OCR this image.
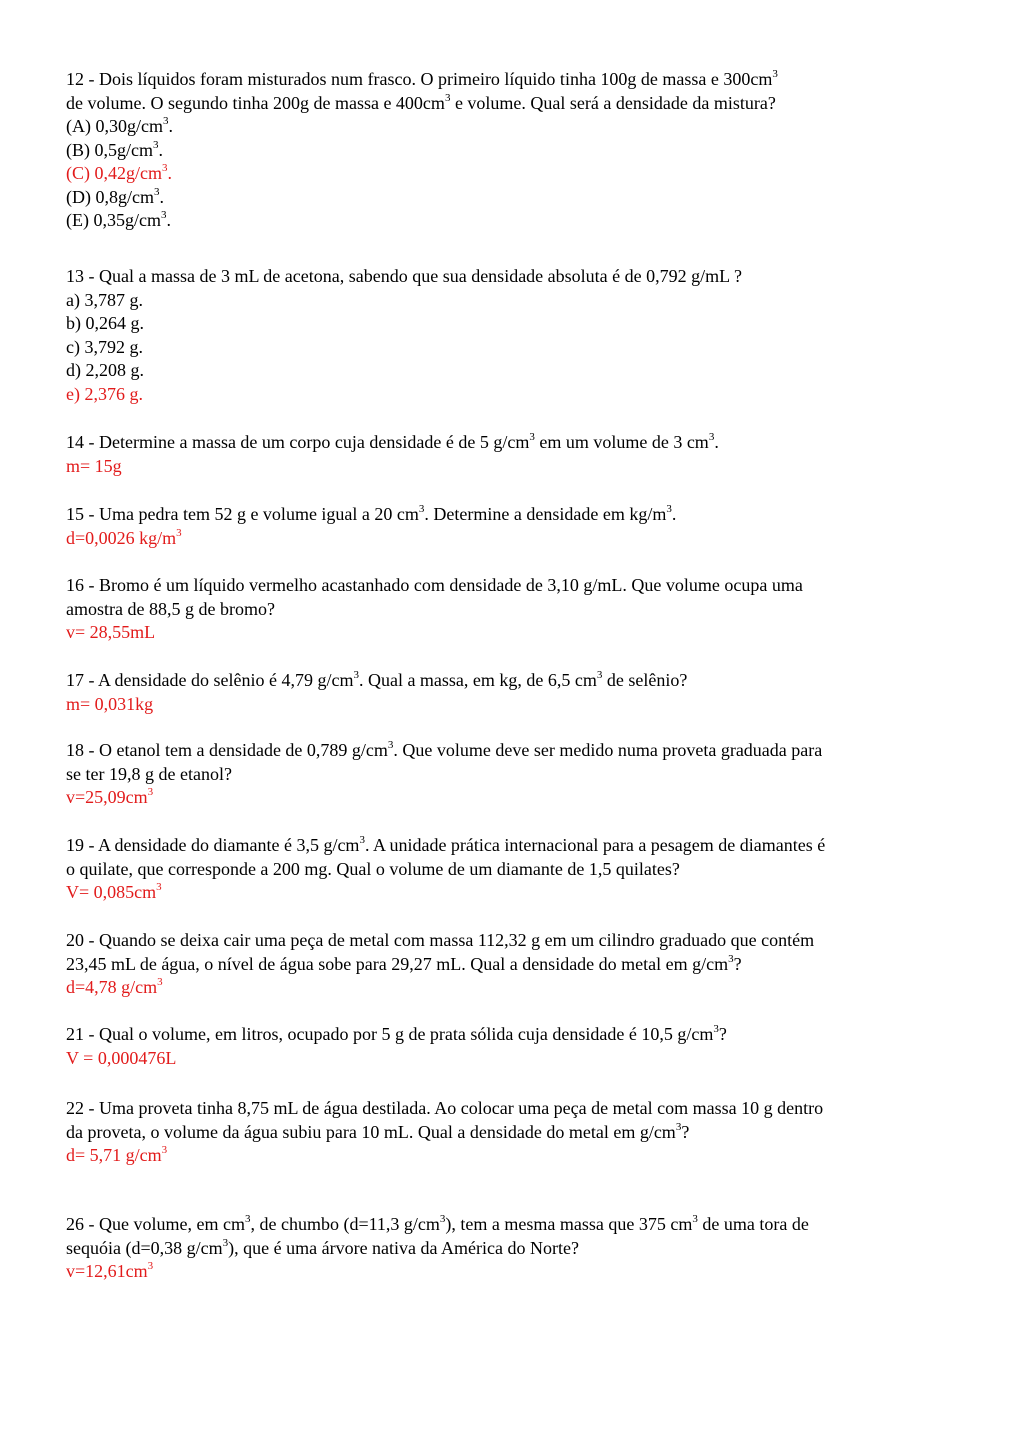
12 - Dois líquidos foram misturados num frasco. O primeiro líquido tinha 100g de massa e $300cm^3$
de volume. O segundo tinha 200g de massa e $400cm^3$ e volume. Qual será a densidade da mistura?
(A) $0,30g/cm^3$.
(B) $0,5g/cm^3$.
(C) $0,42g/cm^3$.
(D) $0,8g/cm^3$.
(E) $0,35g/cm^3$.
13 - Qual a massa de 3 mL de acetona, sabendo que sua densidade absoluta é de 0,792 g/mL ?
a) 3,787 g.
b) 0,264 g.
c) 3,792 g.
d) 2,208 g.
e) 2,376 g.
14 - Determine a massa de um corpo cuja densidade é de 5 $g/cm^3$ em um volume de 3 $cm^3$.
m= 15g
15 - Uma pedra tem 52 g e volume igual a 20 $cm^3$. Determine a densidade em $kg/m^3$.
d=0,0026 $kg/m^3$
16 - Bromo é um líquido vermelho acastanhado com densidade de 3,10 g/mL. Que volume ocupa uma
amostra de 88,5 g de bromo?
v= 28,55mL
17 - A densidade do selênio é 4,79 $g/cm^3$. Qual a massa, em kg, de 6,5 $cm^3$ de selênio?
m= 0,031kg
18 - O etanol tem a densidade de 0,789 $g/cm^3$. Que volume deve ser medido numa proveta graduada para
se ter 19,8 g de etanol?
$v=25,09cm^3$
19 - A densidade do diamante é 3,5 $g/cm^3$. A unidade prática internacional para a pesagem de diamantes é
o quilate, que corresponde a 200 mg. Qual o volume de um diamante de 1,5 quilates?
$V= 0,085cm^3$
20 - Quando se deixa cair uma peça de metal com massa 112,32 g em um cilindro graduado que contém
23,45 mL de água, o nível de água sobe para 29,27 mL. Qual a densidade do metal em $g/cm^3$?
d=4,78 $g/cm^3$
21 - Qual o volume, em litros, ocupado por 5 g de prata sólida cuja densidade é 10,5 $g/cm^3$?
V = 0,000476L
22 - Uma proveta tinha 8,75 mL de água destilada. Ao colocar uma peça de metal com massa 10 g dentro
da proveta, o volume da água subiu para 10 mL. Qual a densidade do metal em $g/cm^3$?
d= 5,71 $g/cm^3$
26 - Que volume, em $cm^3$, de chumbo (d=11,3 $g/cm^3$), tem a mesma massa que 375 $cm^3$ de uma tora de
sequóia (d=0,38 $g/cm^3$), que é uma árvore nativa da América do Norte?
$v=12,61cm^3$
